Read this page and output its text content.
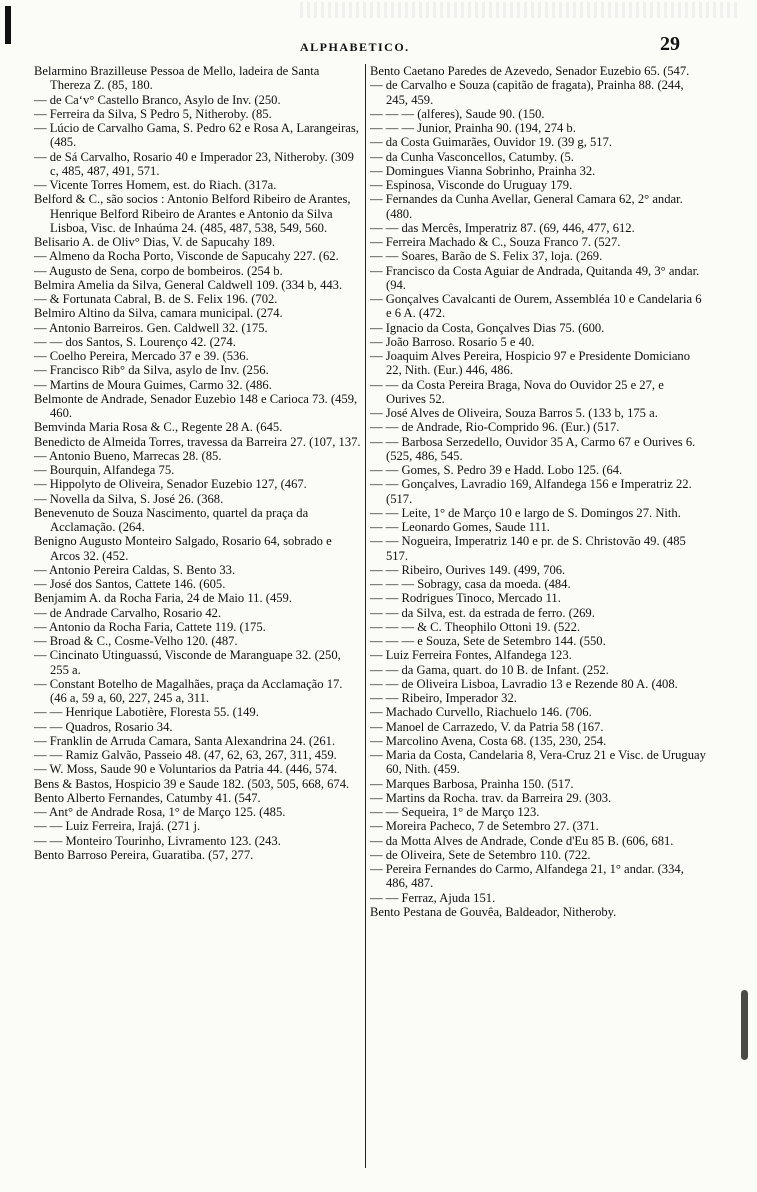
ALPHABETICO.	29

Belarmino Brazilleuse Pessoa de Mello, ladeira de Santa Thereza Z. (85, 180.

— de Ca‘v° Castello Branco, Asylo de Inv. (250.

— Ferreira da Silva, S Pedro 5, Nitheroby. (85.

— Lúcio de Carvalho Gama, S. Pedro 62 e Rosa A, Larangeiras, (485.

— de Sá Carvalho, Rosario 40 e Imperador 23, Nitheroby. (309 c, 485, 487, 491, 571.

— Vicente Torres Homem, est. do Riach. (317a.

Belford & C., são socios : Antonio Belford Ribeiro de Arantes, Henrique Belford Ribeiro de Arantes e Antonio da Silva Lisboa, Visc. de Inhaúma 24. (485, 487, 538, 549, 560.

Belisario A. de Oliv° Dias, V. de Sapucahy 189.

— Almeno da Rocha Porto, Visconde de Sapucahy 227. (62.

— Augusto de Sena, corpo de bombeiros. (254 b.

Belmira Amelia da Silva, General Caldwell 109. (334 b, 443.

— & Fortunata Cabral, B. de S. Felix 196. (702.

Belmiro Altino da Silva, camara municipal. (274.

— Antonio Barreiros. Gen. Caldwell 32. (175.

— — dos Santos, S. Lourenço 42. (274.

— Coelho Pereira, Mercado 37 e 39. (536.

— Francisco Rib° da Silva, asylo de Inv. (256.

— Martins de Moura Guimes, Carmo 32. (486.

Belmonte de Andrade, Senador Euzebio 148 e Carioca 73. (459, 460.

Bemvinda Maria Rosa & C., Regente 28 A. (645.

Benedicto de Almeida Torres, travessa da Barreira 27. (107, 137.

— Antonio Bueno, Marrecas 28. (85.

— Bourquin, Alfandega 75.

— Hippolyto de Oliveira, Senador Euzebio 127, (467.

— Novella da Silva, S. José 26. (368.

Benevenuto de Souza Nascimento, quartel da praça da Acclamação. (264.

Benigno Augusto Monteiro Salgado, Rosario 64, sobrado e Arcos 32. (452.

— Antonio Pereira Caldas, S. Bento 33.

— José dos Santos, Cattete 146. (605.

Benjamim A. da Rocha Faria, 24 de Maio 11. (459.

— de Andrade Carvalho, Rosario 42.

— Antonio da Rocha Faria, Cattete 119. (175.

— Broad & C., Cosme-Velho 120. (487.

— Cincinato Utinguassú, Visconde de Maranguape 32. (250, 255 a.

— Constant Botelho de Magalhães, praça da Acclamação 17. (46 a, 59 a, 60, 227, 245 a, 311.

— — Henrique Labotière, Floresta 55. (149.

— — Quadros, Rosario 34.

— Franklin de Arruda Camara, Santa Alexandrina 24. (261.

— — Ramiz Galvão, Passeio 48. (47, 62, 63, 267, 311, 459.

— W. Moss, Saude 90 e Voluntarios da Patria 44. (446, 574.

Bens & Bastos, Hospicio 39 e Saude 182. (503, 505, 668, 674.

Bento Alberto Fernandes, Catumby 41. (547.

— Ant° de Andrade Rosa, 1° de Março 125. (485.

— — Luiz Ferreira, Irajá. (271 j.

— — Monteiro Tourinho, Livramento 123. (243.

Bento Barroso Pereira, Guaratiba. (57, 277.

Bento Caetano Paredes de Azevedo, Senador Euzebio 65. (547.

— de Carvalho e Souza (capitão de fragata), Prainha 88. (244, 245, 459.

— — — (alferes), Saude 90. (150.

— — — Junior, Prainha 90. (194, 274 b.

— da Costa Guimarães, Ouvidor 19. (39 g, 517.

— da Cunha Vasconcellos, Catumby. (5.

— Domingues Vianna Sobrinho, Prainha 32.

— Espinosa, Visconde do Uruguay 179.

— Fernandes da Cunha Avellar, General Camara 62, 2° andar. (480.

— — das Mercês, Imperatriz 87. (69, 446, 477, 612.

— Ferreira Machado & C., Souza Franco 7. (527.

— — Soares, Barão de S. Felix 37, loja. (269.

— Francisco da Costa Aguiar de Andrada, Quitanda 49, 3° andar. (94.

— Gonçalves Cavalcanti de Ourem, Assembléa 10 e Candelaria 6 e 6 A. (472.

— Ignacio da Costa, Gonçalves Dias 75. (600.

— João Barroso. Rosario 5 e 40.

— Joaquim Alves Pereira, Hospicio 97 e Presidente Domiciano 22, Nith. (Eur.) 446, 486.

— — da Costa Pereira Braga, Nova do Ouvidor 25 e 27, e Ourives 52.

— José Alves de Oliveira, Souza Barros 5. (133 b, 175 a.

— — de Andrade, Rio-Comprido 96. (Eur.) (517.

— — Barbosa Serzedello, Ouvidor 35 A, Carmo 67 e Ourives 6. (525, 486, 545.

— — Gomes, S. Pedro 39 e Hadd. Lobo 125. (64.

— — Gonçalves, Lavradio 169, Alfandega 156 e Imperatriz 22. (517.

— — Leite, 1° de Março 10 e largo de S. Domingos 27. Nith.

— — Leonardo Gomes, Saude 111.

— — Nogueira, Imperatriz 140 e pr. de S. Christovão 49. (485 517.

— — Ribeiro, Ourives 149. (499, 706.

— — — Sobragy, casa da moeda. (484.

— — Rodrigues Tinoco, Mercado 11.

— — da Silva, est. da estrada de ferro. (269.

— — — & C. Theophilo Ottoni 19. (522.

— — — e Souza, Sete de Setembro 144. (550.

— Luiz Ferreira Fontes, Alfandega 123.

— — da Gama, quart. do 10 B. de Infant. (252.

— — de Oliveira Lisboa, Lavradio 13 e Rezende 80 A. (408.

— — Ribeiro, Imperador 32.

— Machado Curvello, Riachuelo 146. (706.

— Manoel de Carrazedo, V. da Patria 58 (167.

— Marcolino Avena, Costa 68. (135, 230, 254.

— Maria da Costa, Candelaria 8, Vera-Cruz 21 e Visc. de Uruguay 60, Nith. (459.

— Marques Barbosa, Prainha 150. (517.

— Martins da Rocha. trav. da Barreira 29. (303.

— — Sequeira, 1° de Março 123.

— Moreira Pacheco, 7 de Setembro 27. (371.

— da Motta Alves de Andrade, Conde d'Eu 85 B. (606, 681.

— de Oliveira, Sete de Setembro 110. (722.

— Pereira Fernandes do Carmo, Alfandega 21, 1° andar. (334, 486, 487.

— — Ferraz, Ajuda 151.

Bento Pestana de Gouvêa, Baldeador, Nitheroby.
